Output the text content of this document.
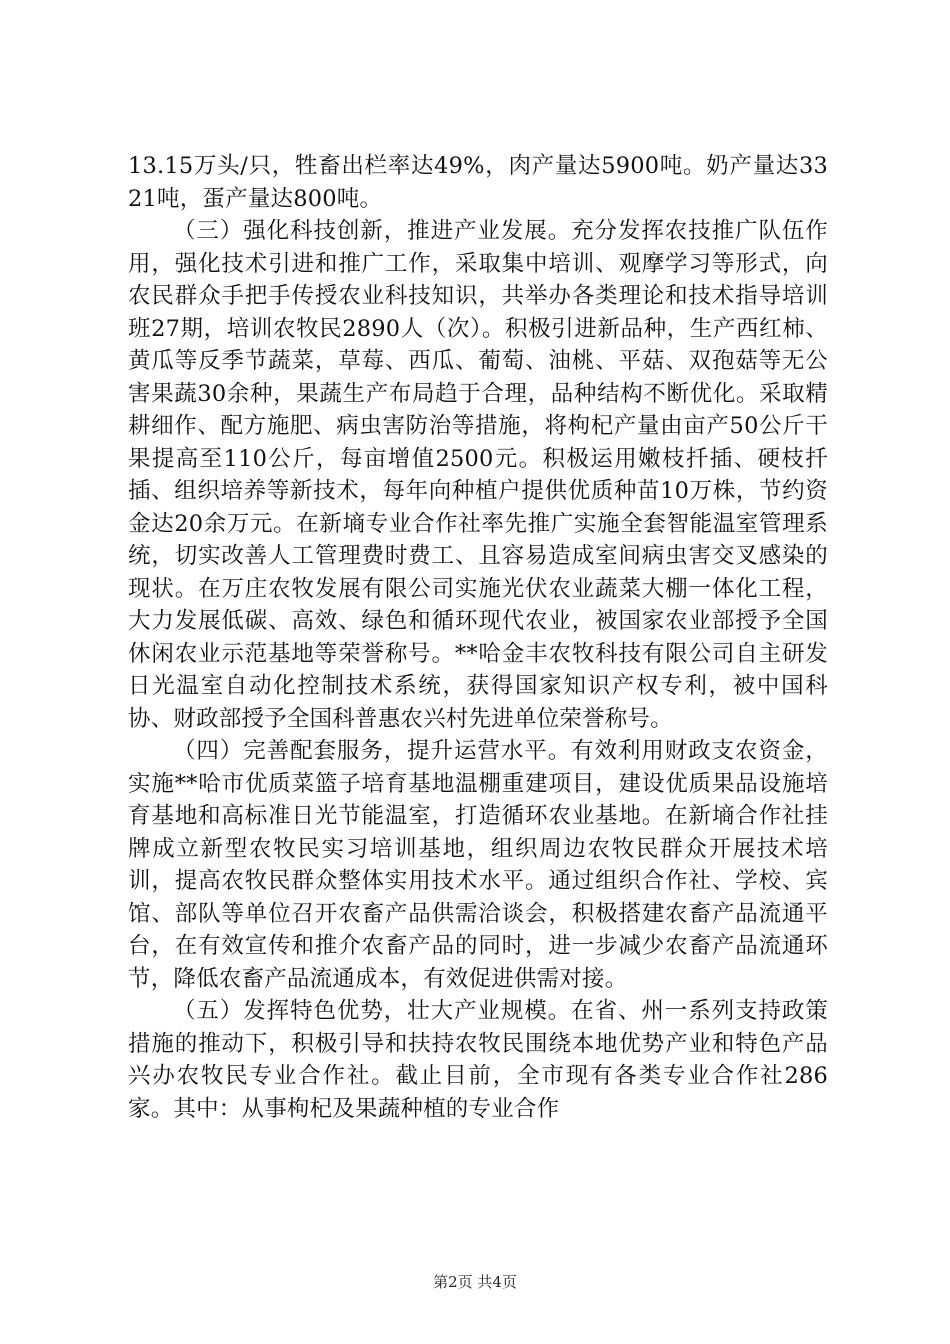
13.15万头/只，牲畜出栏率达49%，肉产量达5900吨。奶产量达3321吨，蛋产量达800吨。

（三）强化科技创新，推进产业发展。充分发挥农技推广队伍作用，强化技术引进和推广工作，采取集中培训、观摩学习等形式，向农民群众手把手传授农业科技知识，共举办各类理论和技术指导培训班27期，培训农牧民2890人（次）。积极引进新品种，生产西红柿、黄瓜等反季节蔬菜，草莓、西瓜、葡萄、油桃、平菇、双孢菇等无公害果蔬30余种，果蔬生产布局趋于合理，品种结构不断优化。采取精耕细作、配方施肥、病虫害防治等措施，将枸杞产量由亩产50公斤干果提高至110公斤，每亩增值2500元。积极运用嫩枝扦插、硬枝扦插、组织培养等新技术，每年向种植户提供优质种苗10万株，节约资金达20余万元。在新墒专业合作社率先推广实施全套智能温室管理系统，切实改善人工管理费时费工、且容易造成室间病虫害交叉感染的现状。在万庄农牧发展有限公司实施光伏农业蔬菜大棚一体化工程，大力发展低碳、高效、绿色和循环现代农业，被国家农业部授予全国休闲农业示范基地等荣誉称号。**哈金丰农牧科技有限公司自主研发日光温室自动化控制技术系统，获得国家知识产权专利，被中国科协、财政部授予全国科普惠农兴村先进单位荣誉称号。

（四）完善配套服务，提升运营水平。有效利用财政支农资金，实施**哈市优质菜篮子培育基地温棚重建项目，建设优质果品设施培育基地和高标准日光节能温室，打造循环农业基地。在新墒合作社挂牌成立新型农牧民实习培训基地，组织周边农牧民群众开展技术培训，提高农牧民群众整体实用技术水平。通过组织合作社、学校、宾馆、部队等单位召开农畜产品供需洽谈会，积极搭建农畜产品流通平台，在有效宣传和推介农畜产品的同时，进一步减少农畜产品流通环节，降低农畜产品流通成本，有效促进供需对接。

（五）发挥特色优势，壮大产业规模。在省、州一系列支持政策措施的推动下，积极引导和扶持农牧民围绕本地优势产业和特色产品兴办农牧民专业合作社。截止目前，全市现有各类专业合作社286家。其中：从事枸杞及果蔬种植的专业合作

第2页 共4页
